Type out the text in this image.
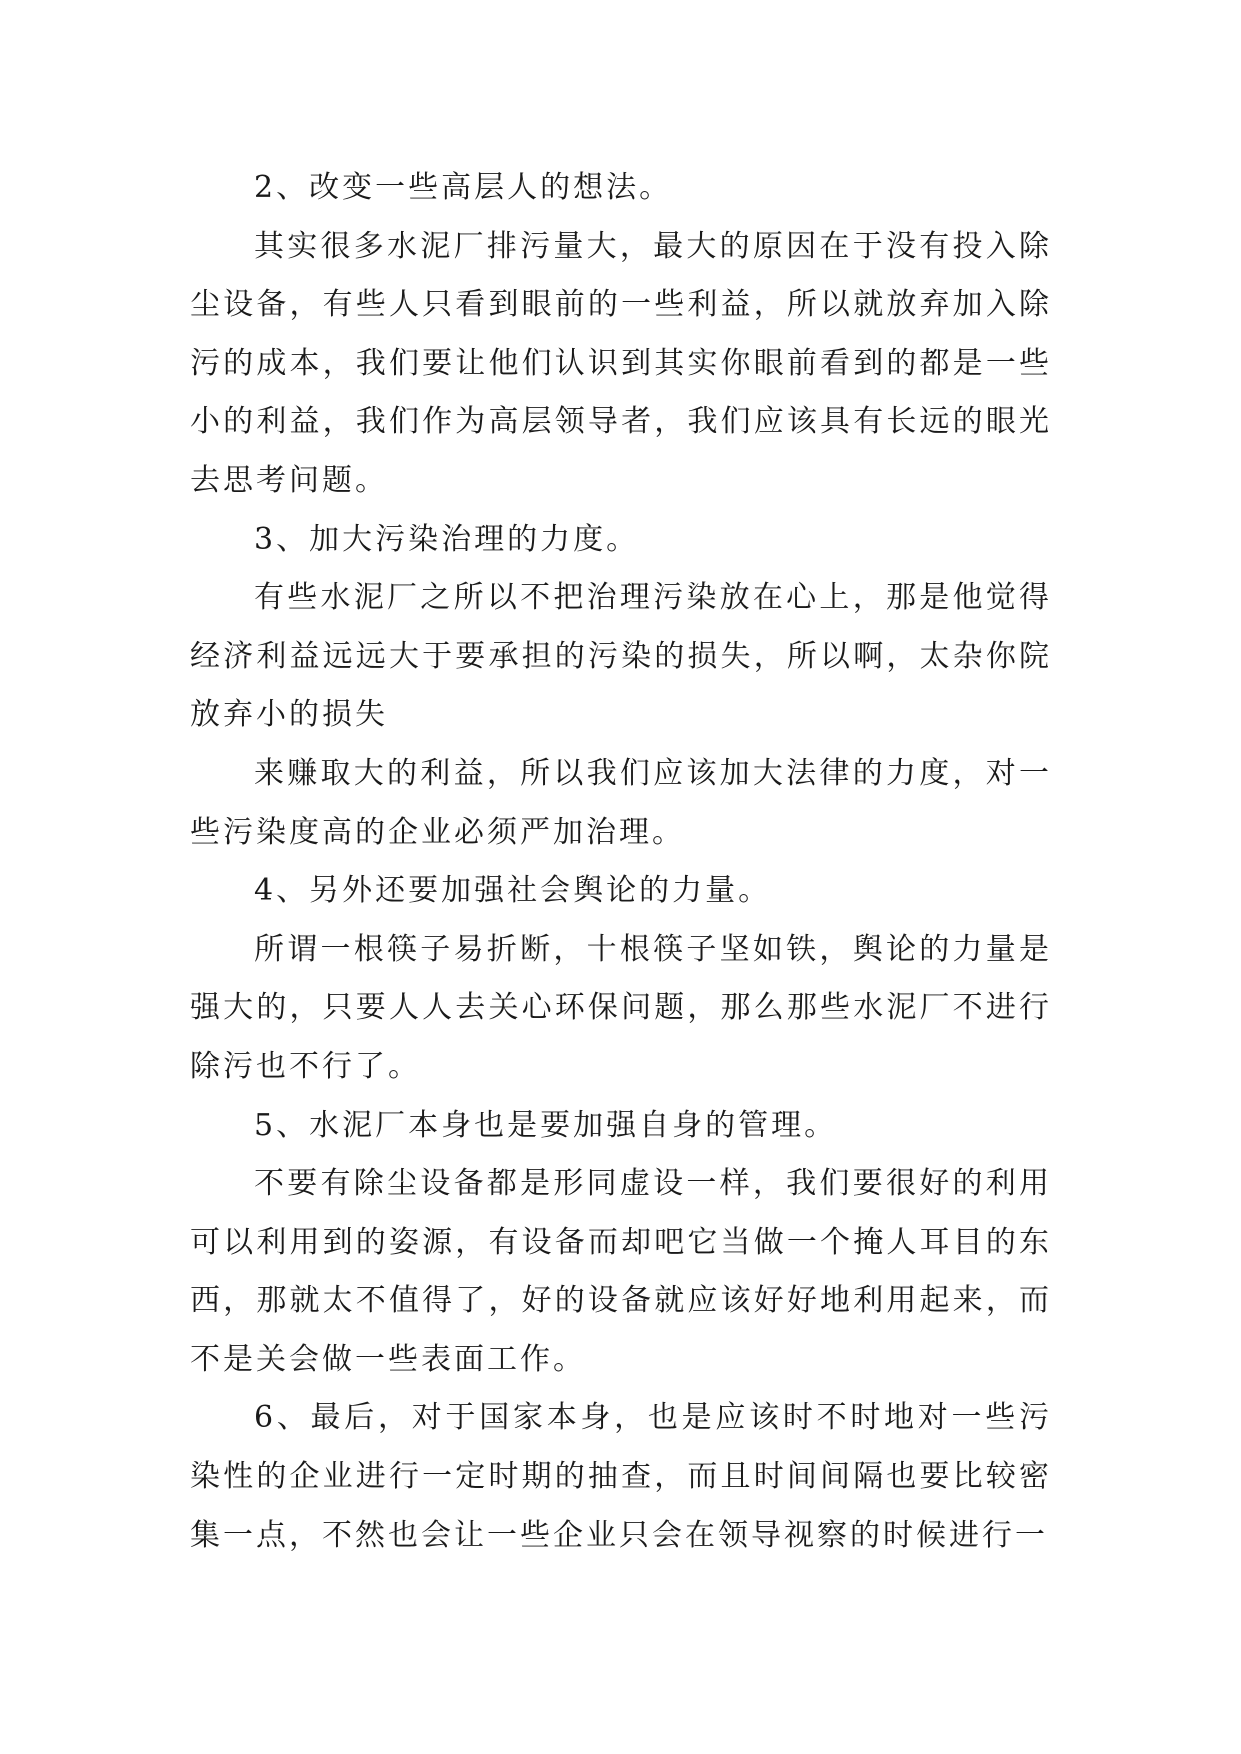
2、改变一些高层人的想法。

其实很多水泥厂排污量大，最大的原因在于没有投入除尘设备，有些人只看到眼前的一些利益，所以就放弃加入除污的成本，我们要让他们认识到其实你眼前看到的都是一些小的利益，我们作为高层领导者，我们应该具有长远的眼光去思考问题。

3、加大污染治理的力度。

有些水泥厂之所以不把治理污染放在心上，那是他觉得经济利益远远大于要承担的污染的损失，所以啊，太杂你院放弃小的损失

来赚取大的利益，所以我们应该加大法律的力度，对一些污染度高的企业必须严加治理。

4、另外还要加强社会舆论的力量。

所谓一根筷子易折断，十根筷子坚如铁，舆论的力量是强大的，只要人人去关心环保问题，那么那些水泥厂不进行除污也不行了。

5、水泥厂本身也是要加强自身的管理。

不要有除尘设备都是形同虚设一样，我们要很好的利用可以利用到的姿源，有设备而却吧它当做一个掩人耳目的东西，那就太不值得了，好的设备就应该好好地利用起来，而不是关会做一些表面工作。

6、最后，对于国家本身，也是应该时不时地对一些污染性的企业进行一定时期的抽查，而且时间间隔也要比较密集一点，不然也会让一些企业只会在领导视察的时候进行一
